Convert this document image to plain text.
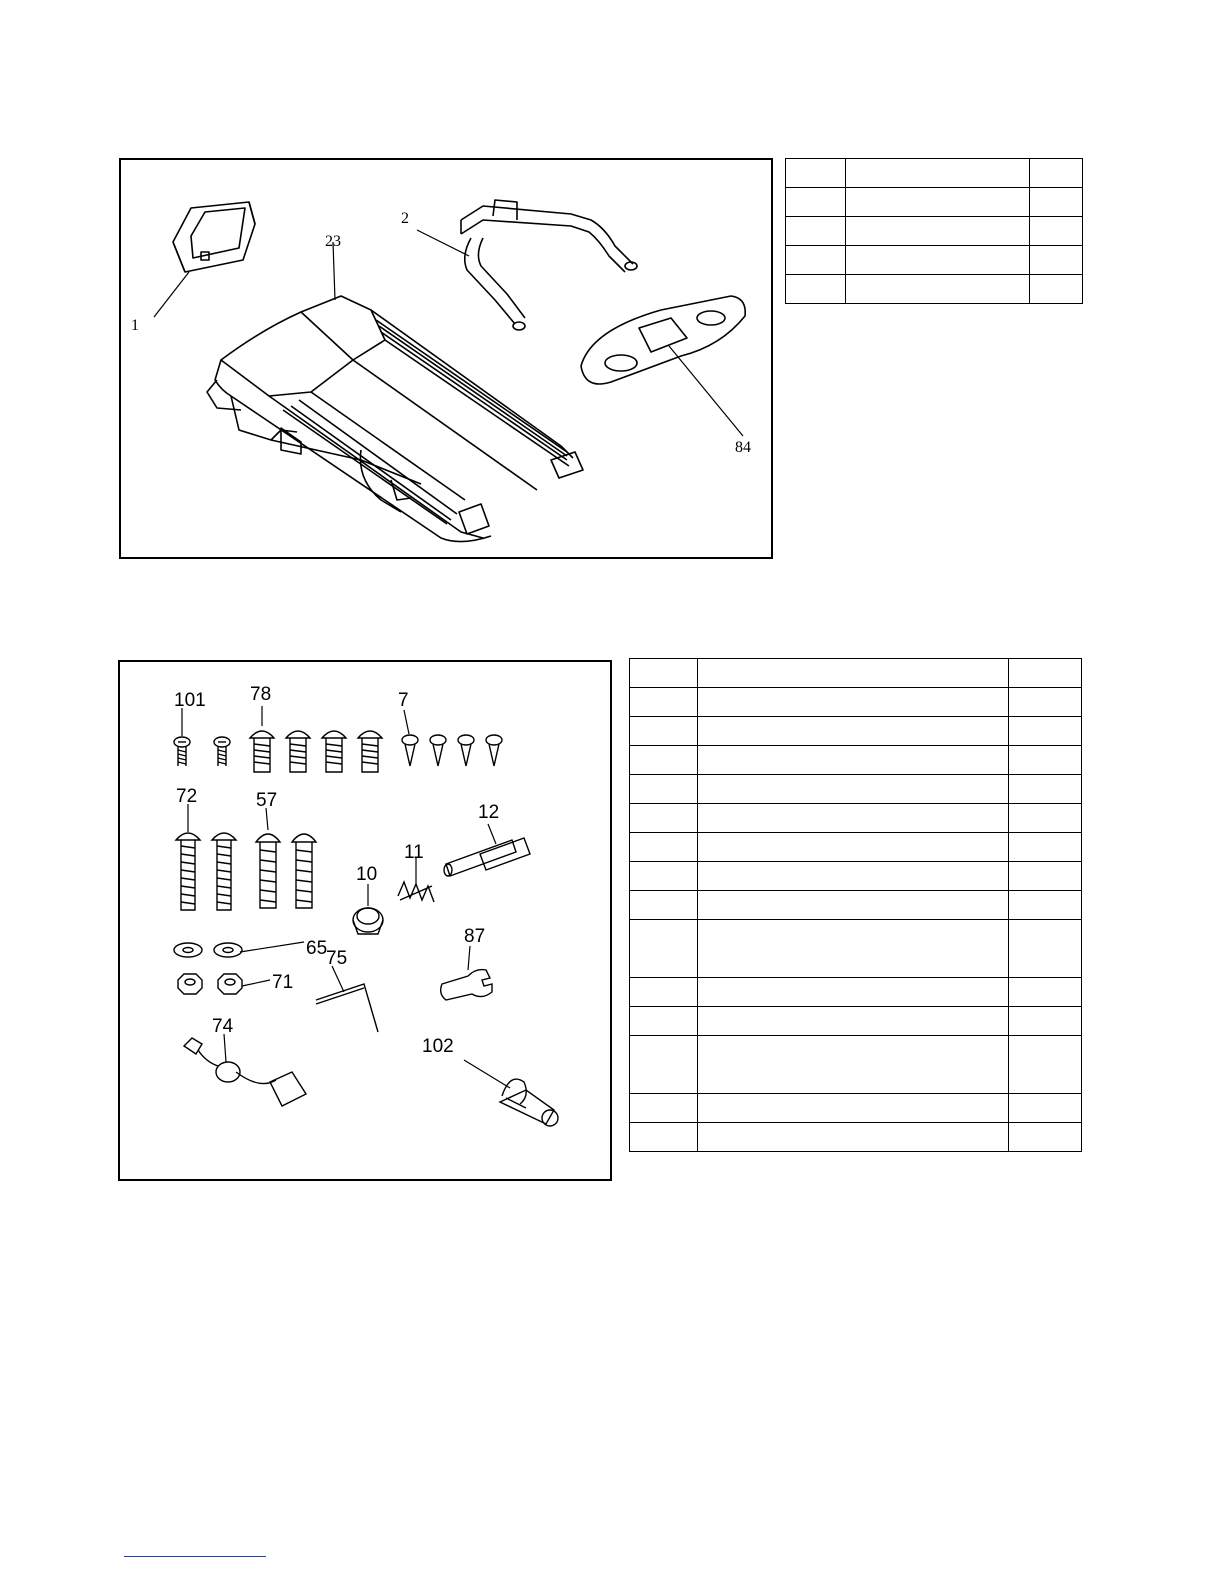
1
2
23
84

101 78	7
72	57
12
11
10
65
87
71
75
74
102
